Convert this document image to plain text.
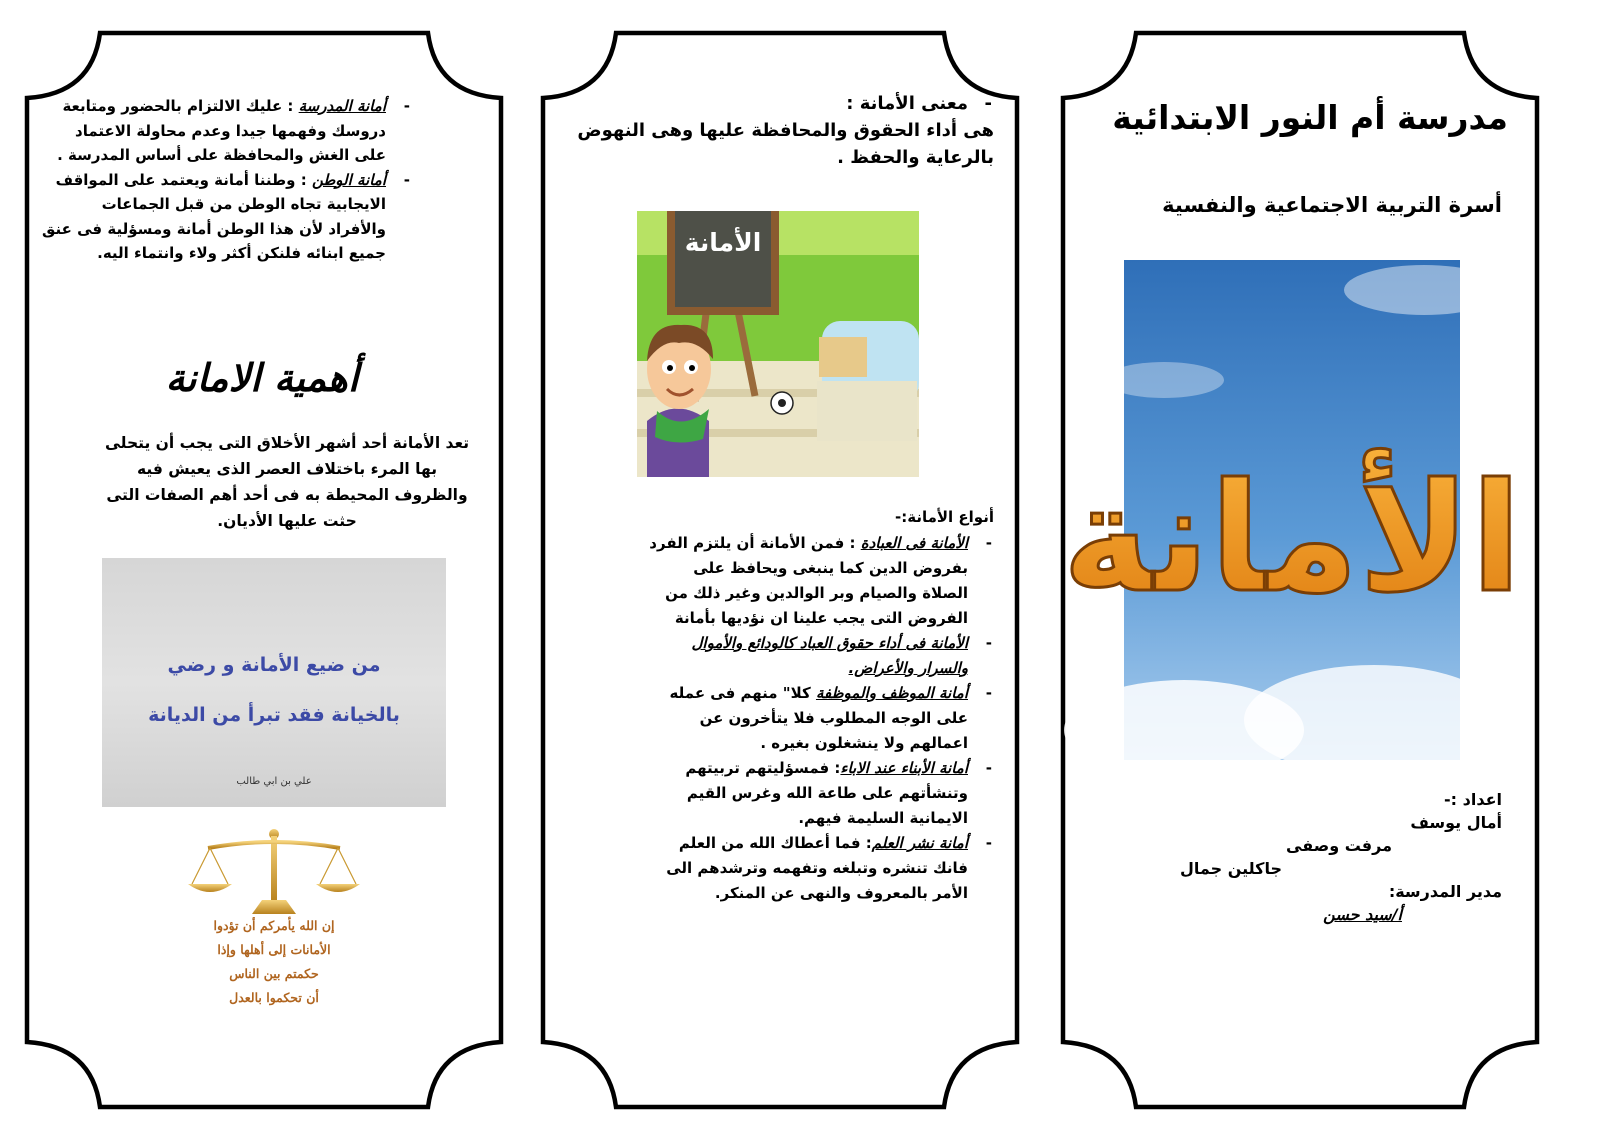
- أمانة المدرسة : عليك الالتزام بالحضور ومتابعة دروسك وفهمها جيدا وعدم محاولة الاعتماد على الغش والمحافظة على أساس المدرسة .
- أمانة الوطن : وطننا أمانة ويعتمد على المواقف الايجابية تجاه الوطن من قبل الجماعات والأفراد لأن هذا الوطن أمانة ومسؤلية فى عنق جميع ابنائه فلنكن أكثر ولاء وانتماء اليه.
أهمية الامانة
تعد الأمانة أحد أشهر الأخلاق التى يجب أن يتحلى بها المرء باختلاف العصر الذى يعيش فيه والظروف المحيطة به فى أحد أهم الصفات التى حثت عليها الأديان.
من ضيع الأمانة و رضي
بالخيانة فقد تبرأ من الديانة
علي بن ابي طالب
إن الله يأمركم أن تؤدوا
الأمانات إلى أهلها وإذا
حكمتم بين الناس
أن تحكموا بالعدل
- معنى الأمانة :
هى أداء الحقوق والمحافظة عليها وهى النهوض بالرعاية والحفظ .
الأمانة
أنواع الأمانة:-
- الأمانة فى العبادة : فمن الأمانة أن يلتزم الفرد بفروض الدين كما ينبغى ويحافظ على الصلاة والصيام وبر الوالدين وغير ذلك من الفروض التى يجب علينا ان نؤديها بأمانة
- الأمانة فى أداء حقوق العباد كالودائع والأموال والسرار والأعراض.
- أمانة الموظف والموظفة كلا" منهم فى عمله على الوجه المطلوب فلا يتأخرون عن اعمالهم ولا ينشغلون بغيره .
- أمانة الأبناء عند الاباء: فمسؤليتهم تربيتهم وتنشأتهم على طاعة الله وغرس القيم الايمانية السليمة فيهم.
- أمانة نشر العلم: فما أعطاك الله من العلم فانك تنشره وتبلغه وتفهمه وترشدهم الى الأمر بالمعروف والنهى عن المنكر.
مدرسة أم النور الابتدائية
أسرة التربية الاجتماعية والنفسية
الأمانة
اعداد :-
أمال يوسف
مرفت وصفى
جاكلين جمال
مدير المدرسة:
أ/سيد حسن
